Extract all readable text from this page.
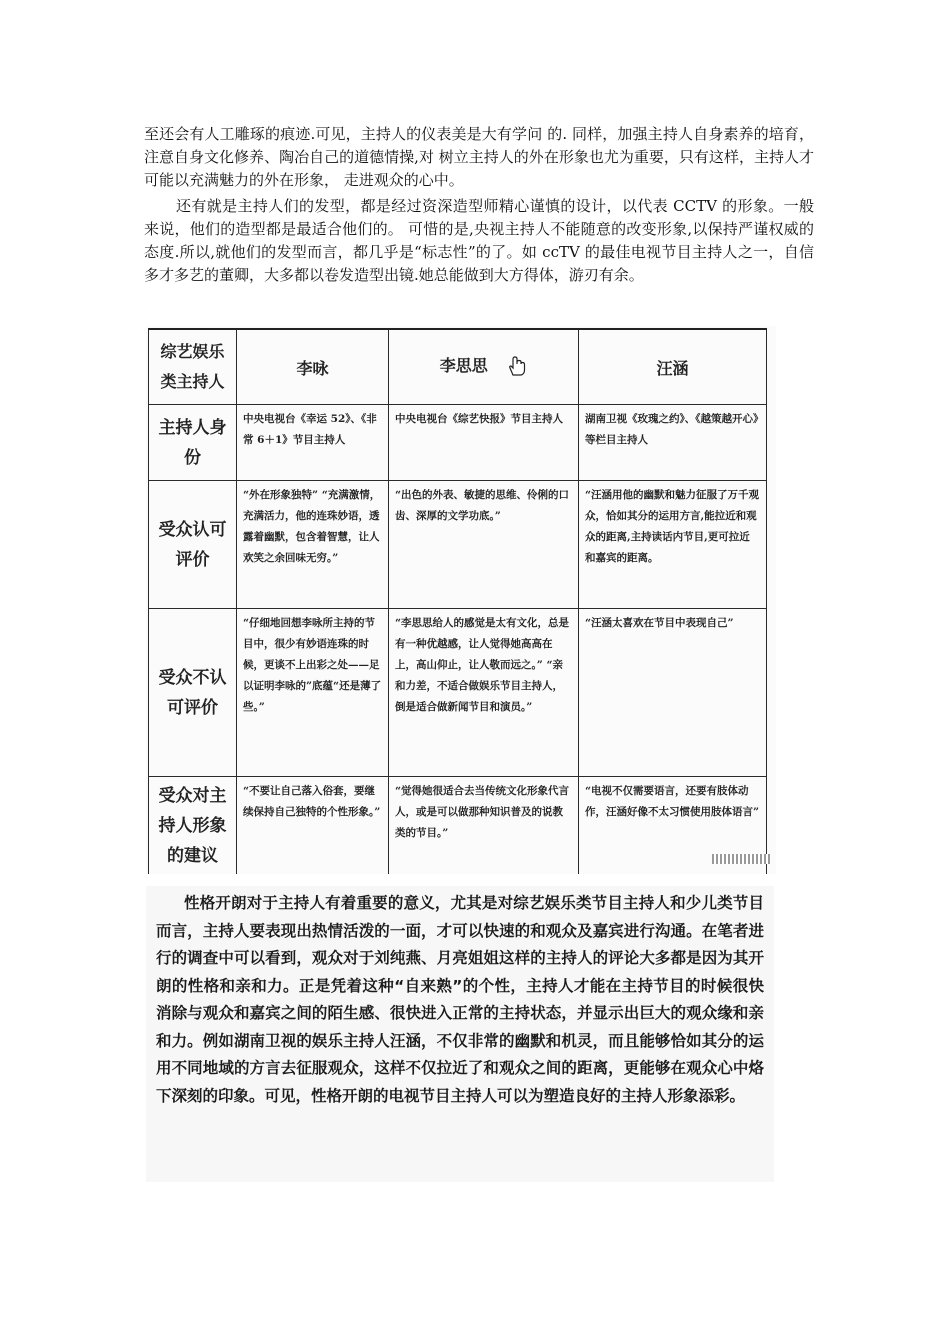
至还会有人工雕琢的痕迹.可见，主持人的仪表美是大有学问 的. 同样，加强主持人自身素养的培育，注意自身文化修养、陶冶自己的道德情操,对 树立主持人的外在形象也尤为重要，只有这样，主持人才可能以充满魅力的外在形象， 走进观众的心中。

还有就是主持人们的发型，都是经过资深造型师精心谨慎的设计，以代表 CCTV 的形象。一般来说，他们的造型都是最适合他们的。 可惜的是,央视主持人不能随意的改变形象,以保持严谨权威的态度.所以,就他们的发型而言，都几乎是“标志性”的了。如 ccTV 的最佳电视节目主持人之一，自信多才多艺的董卿，大多都以卷发造型出镜.她总能做到大方得体，游刃有余。

综艺娱乐类主持人	李咏	李思思	汪涵
主持人身份	中央电视台《幸运 52》、《非常 6＋1》节目主持人	中央电视台《综艺快报》节目主持人	湖南卫视《玫瑰之约》、《越策越开心》等栏目主持人
受众认可评价	“外在形象独特” “充满激情，充满活力，他的连珠妙语，透露着幽默，包含着智慧，让人欢笑之余回味无穷。”	“出色的外表、敏捷的思维、伶俐的口齿、深厚的文学功底。”	“汪涵用他的幽默和魅力征服了万千观众，恰如其分的运用方言,能拉近和观众的距离,主持读话内节目,更可拉近和嘉宾的距离。
受众不认可评价	“仔细地回想李咏所主持的节目中，很少有妙语连珠的时候，更谈不上出彩之处——足以证明李咏的”底蕴“还是薄了些。”	“李思思给人的感觉是太有文化，总是有一种优越感，让人觉得她高高在上，高山仰止，让人敬而远之。” “亲和力差，不适合做娱乐节目主持人，倒是适合做新闻节目和演员。”	“汪涵太喜欢在节目中表现自己”
受众对主持人形象的建议	“不要让自己落入俗套，要继续保持自己独特的个性形象。”	“觉得她很适合去当传统文化形象代言人，或是可以做那种知识普及的说教类的节目。”	“电视不仅需要语言，还要有肢体动作，汪涵好像不太习惯使用肢体语言”

性格开朗对于主持人有着重要的意义，尤其是对综艺娱乐类节目主持人和少儿类节目而言，主持人要表现出热情活泼的一面，才可以快速的和观众及嘉宾进行沟通。在笔者进行的调查中可以看到，观众对于刘纯燕、月亮姐姐这样的主持人的评论大多都是因为其开朗的性格和亲和力。正是凭着这种“自来熟”的个性，主持人才能在主持节目的时候很快消除与观众和嘉宾之间的陌生感、很快进入正常的主持状态，并显示出巨大的观众缘和亲和力。例如湖南卫视的娱乐主持人汪涵，不仅非常的幽默和机灵，而且能够恰如其分的运用不同地域的方言去征服观众，这样不仅拉近了和观众之间的距离，更能够在观众心中烙下深刻的印象。可见，性格开朗的电视节目主持人可以为塑造良好的主持人形象添彩。
